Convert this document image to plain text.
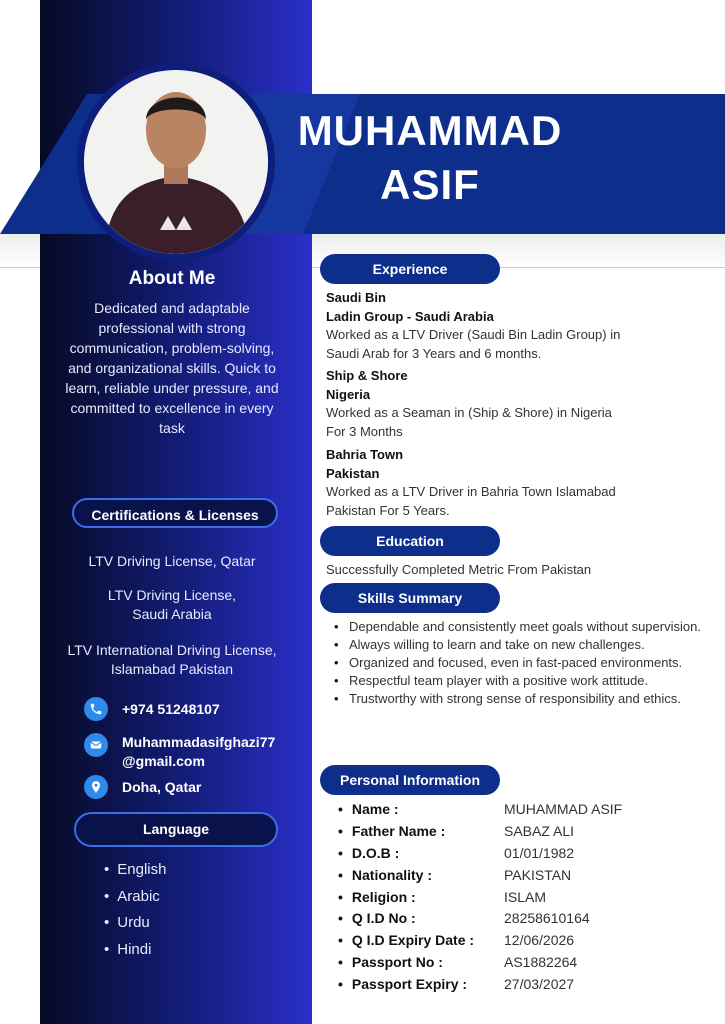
MUHAMMAD
ASIF
About Me
Dedicated and adaptable professional with strong communication, problem-solving, and organizational skills. Quick to learn, reliable under pressure, and committed to excellence in every task
Certifications & Licenses
LTV Driving License, Qatar
LTV Driving License, Saudi Arabia
LTV International Driving License, Islamabad Pakistan
+974 51248107
Muhammadasifghazi77
@gmail.com
Doha, Qatar
Language
• English
• Arabic
• Urdu
• Hindi
Experience
Saudi Bin
Ladin Group - Saudi Arabia
Worked as a LTV Driver (Saudi Bin Ladin Group) in
Saudi Arab for 3 Years and 6 months.
Ship & Shore
Nigeria
Worked as a Seaman in (Ship & Shore) in Nigeria
For 3 Months
Bahria Town
Pakistan
Worked as a LTV Driver in Bahria Town Islamabad
Pakistan For 5 Years.
Education
Successfully Completed Metric From Pakistan
Skills Summary
• Dependable and consistently meet goals without supervision.
• Always willing to learn and take on new challenges.
• Organized and focused, even in fast-paced environments.
• Respectful team player with a positive work attitude.
• Trustworthy with strong sense of responsibility and ethics.
Personal Information
• Name :	MUHAMMAD ASIF
• Father Name :	SABAZ ALI
• D.O.B :	01/01/1982
• Nationality :	PAKISTAN
• Religion :	ISLAM
• Q I.D No :	28258610164
• Q I.D Expiry Date :	12/06/2026
• Passport No :	AS1882264
• Passport Expiry :	27/03/2027
